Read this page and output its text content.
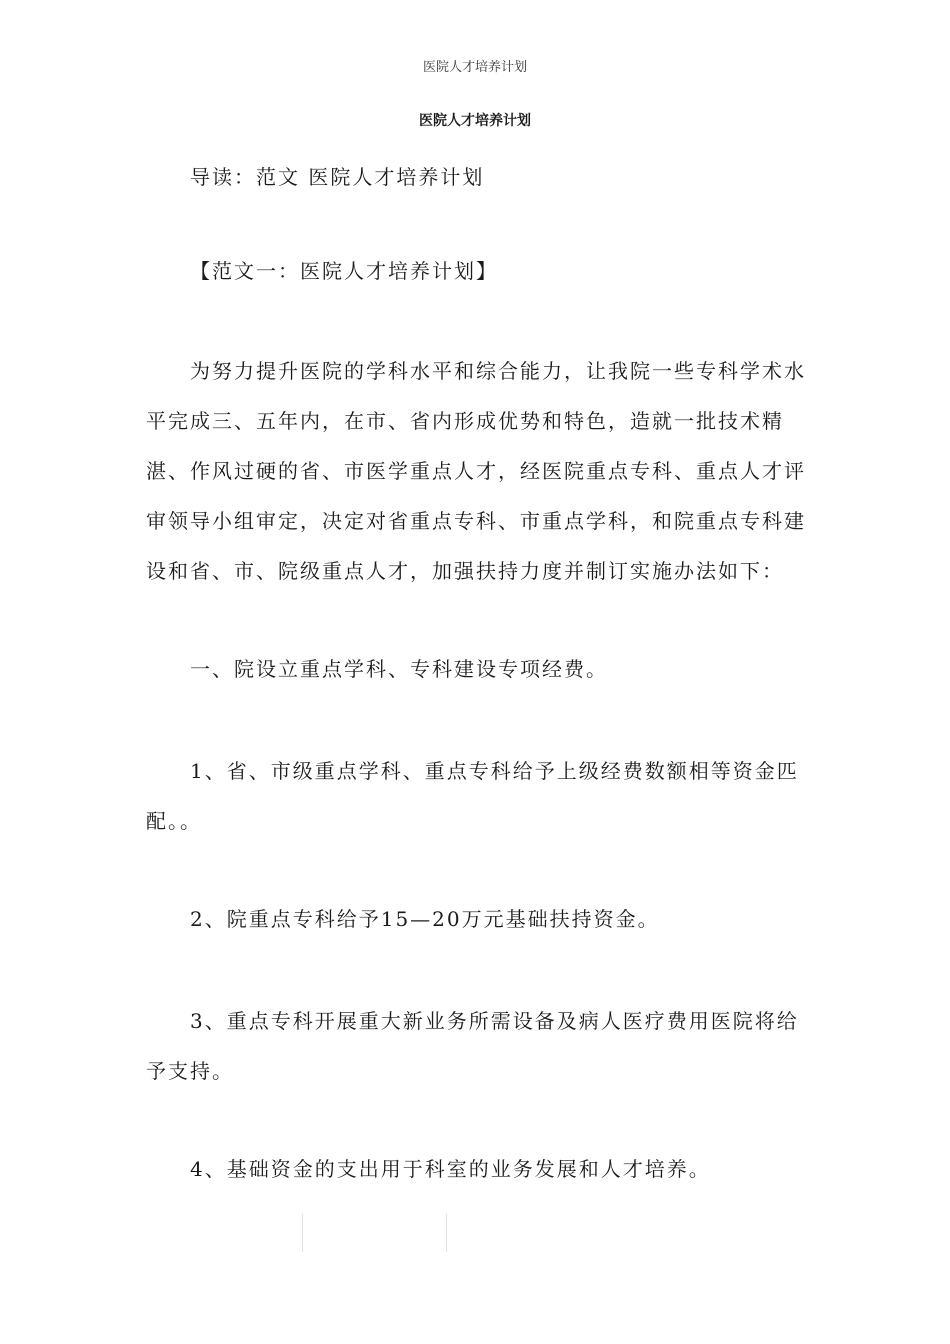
医院人才培养计划
医院人才培养计划

导读：范文 医院人才培养计划

【范文一：医院人才培养计划】

为努力提升医院的学科水平和综合能力，让我院一些专科学术水平完成三、五年内，在市、省内形成优势和特色，造就一批技术精湛、作风过硬的省、市医学重点人才，经医院重点专科、重点人才评审领导小组审定，决定对省重点专科、市重点学科，和院重点专科建设和省、市、院级重点人才，加强扶持力度并制订实施办法如下：

一、院设立重点学科、专科建设专项经费。

1、省、市级重点学科、重点专科给予上级经费数额相等资金匹配。。

2、院重点专科给予15—20万元基础扶持资金。

3、重点专科开展重大新业务所需设备及病人医疗费用医院将给予支持。

4、基础资金的支出用于科室的业务发展和人才培养。
